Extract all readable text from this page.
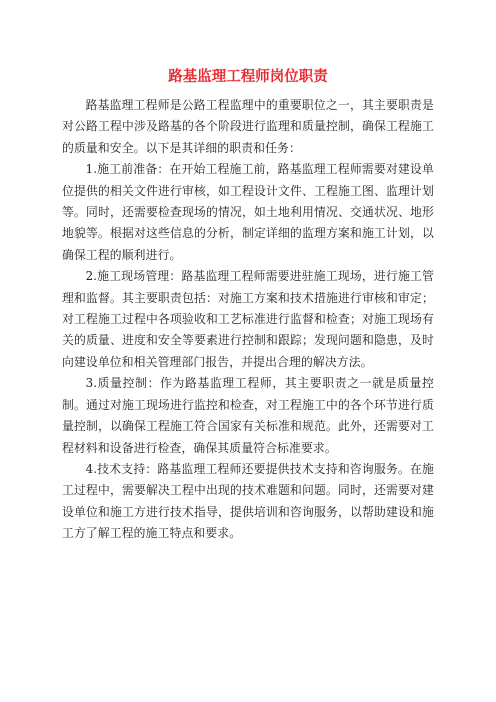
路基监理工程师岗位职责

路基监理工程师是公路工程监理中的重要职位之一，其主要职责是对公路工程中涉及路基的各个阶段进行监理和质量控制，确保工程施工的质量和安全。以下是其详细的职责和任务：

1.施工前准备：在开始工程施工前，路基监理工程师需要对建设单位提供的相关文件进行审核，如工程设计文件、工程施工图、监理计划等。同时，还需要检查现场的情况，如土地利用情况、交通状况、地形地貌等。根据对这些信息的分析，制定详细的监理方案和施工计划，以确保工程的顺利进行。

2.施工现场管理：路基监理工程师需要进驻施工现场，进行施工管理和监督。其主要职责包括：对施工方案和技术措施进行审核和审定；对工程施工过程中各项验收和工艺标准进行监督和检查；对施工现场有关的质量、进度和安全等要素进行控制和跟踪；发现问题和隐患，及时向建设单位和相关管理部门报告，并提出合理的解决方法。

3.质量控制：作为路基监理工程师，其主要职责之一就是质量控制。通过对施工现场进行监控和检查，对工程施工中的各个环节进行质量控制，以确保工程施工符合国家有关标准和规范。此外，还需要对工程材料和设备进行检查，确保其质量符合标准要求。

4.技术支持：路基监理工程师还要提供技术支持和咨询服务。在施工过程中，需要解决工程中出现的技术难题和问题。同时，还需要对建设单位和施工方进行技术指导，提供培训和咨询服务，以帮助建设和施工方了解工程的施工特点和要求。
